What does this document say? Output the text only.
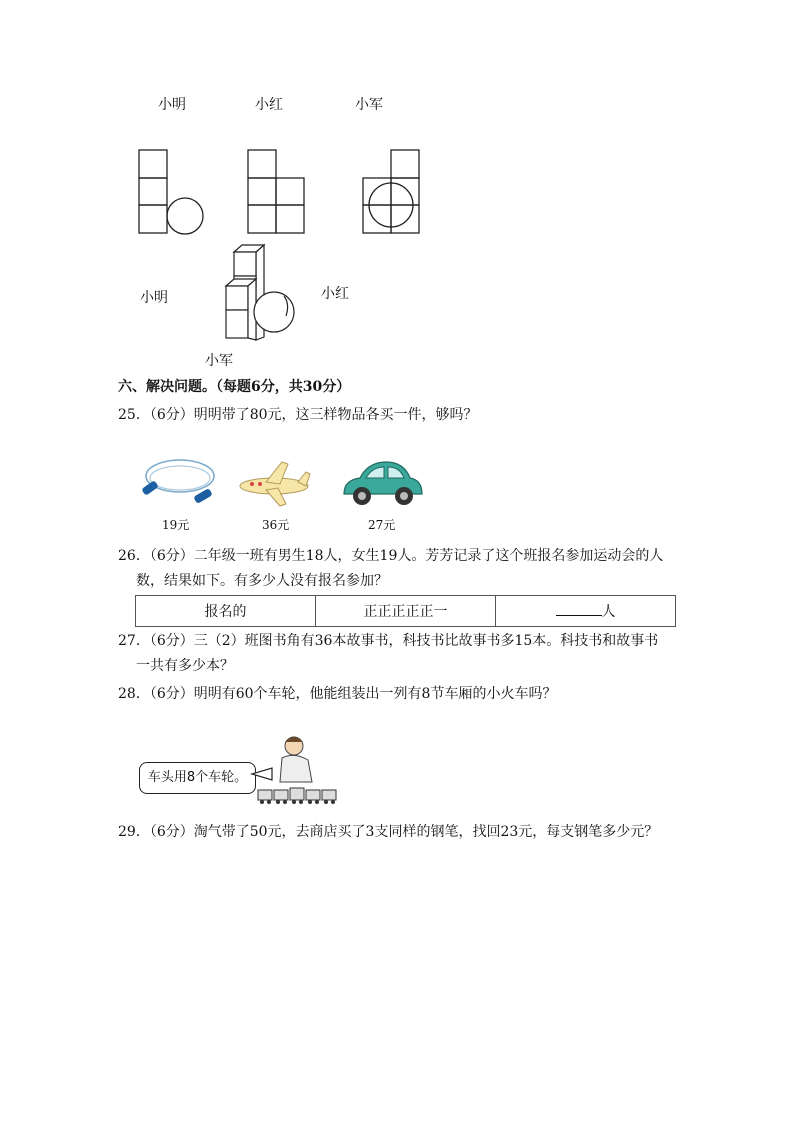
小明	小红	小军
小明	小红
小军
六、解决问题。（每题6分，共30分）
25．（6分）明明带了80元，这三样物品各买一件，够吗？
19元	36元	27元
26．（6分）二年级一班有男生18人，女生19人。芳芳记录了这个班报名参加运动会的人
数，结果如下。有多少人没有报名参加？
报名的	正正正正正一	人
27．（6分）三（2）班图书角有36本故事书，科技书比故事书多15本。科技书和故事书
一共有多少本？
28．（6分）明明有60个车轮，他能组装出一列有8节车厢的小火车吗？
车头用8个车轮。
29．（6分）淘气带了50元，去商店买了3支同样的钢笔，找回23元，每支钢笔多少元？
